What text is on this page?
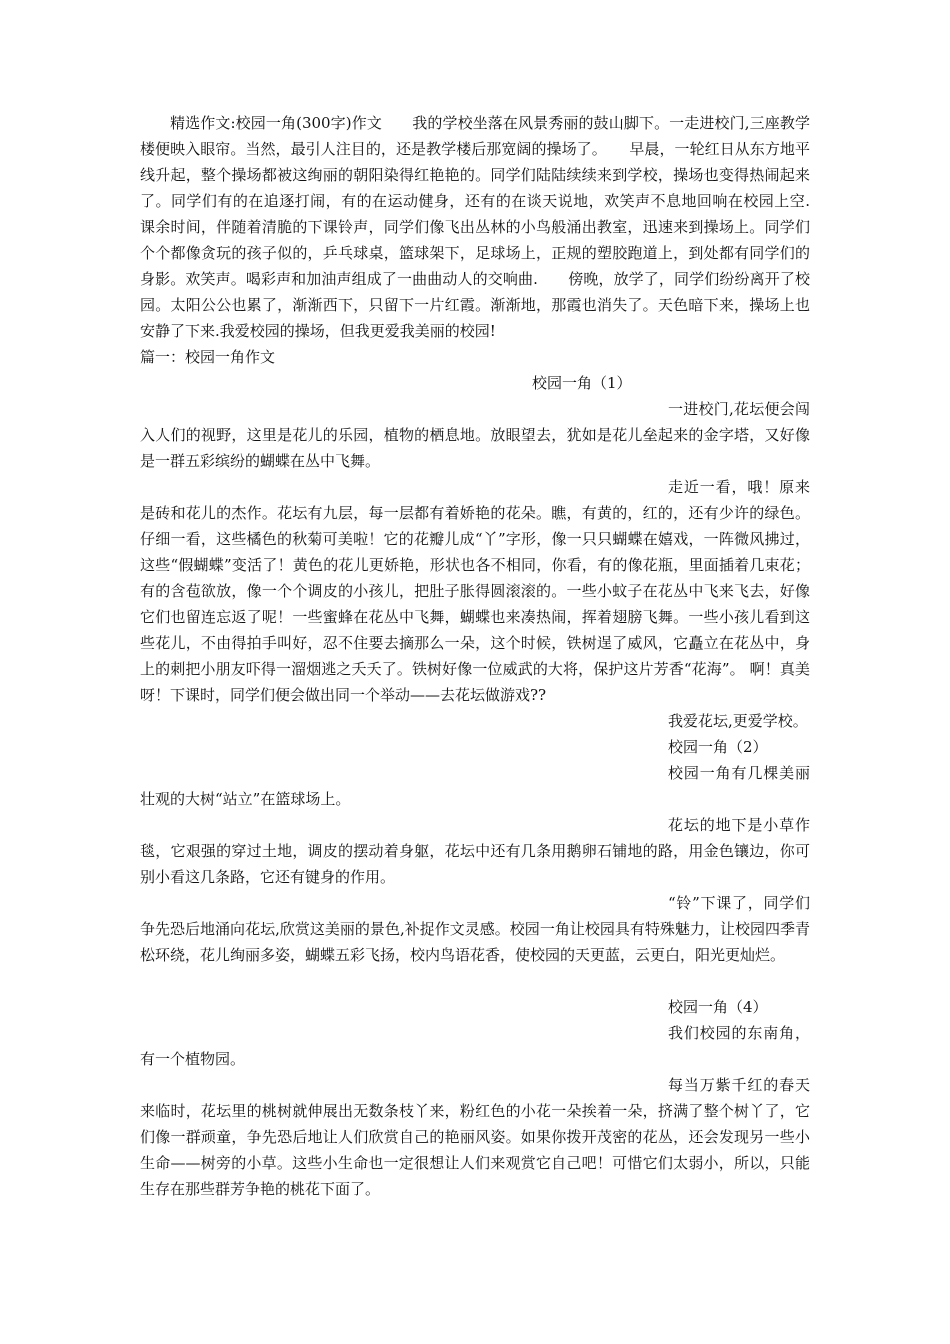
精选作文:校园一角(300字)作文　　我的学校坐落在风景秀丽的鼓山脚下。一走进校门,三座教学楼便映入眼帘。当然，最引人注目的，还是教学楼后那宽阔的操场了。　　早晨，一轮红日从东方地平线升起，整个操场都被这绚丽的朝阳染得红艳艳的。同学们陆陆续续来到学校，操场也变得热闹起来了。同学们有的在追逐打闹，有的在运动健身，还有的在谈天说地，欢笑声不息地回响在校园上空.　　课余时间，伴随着清脆的下课铃声，同学们像飞出丛林的小鸟般涌出教室，迅速来到操场上。同学们个个都像贪玩的孩子似的，乒乓球桌，篮球架下，足球场上，正规的塑胶跑道上，到处都有同学们的身影。欢笑声。喝彩声和加油声组成了一曲曲动人的交响曲.　　傍晚，放学了，同学们纷纷离开了校园。太阳公公也累了，渐渐西下，只留下一片红霞。渐渐地，那霞也消失了。天色暗下来，操场上也安静了下来.我爱校园的操场，但我更爱我美丽的校园!

篇一：校园一角作文

校园一角（1）

一进校门,花坛便会闯入人们的视野，这里是花儿的乐园，植物的栖息地。放眼望去，犹如是花儿垒起来的金字塔，又好像是一群五彩缤纷的蝴蝶在丛中飞舞。

走近一看，哦！原来是砖和花儿的杰作。花坛有九层，每一层都有着娇艳的花朵。瞧，有黄的，红的，还有少许的绿色。仔细一看，这些橘色的秋菊可美啦！它的花瓣儿成“丫”字形，像一只只蝴蝶在嬉戏，一阵微风拂过，这些“假蝴蝶”变活了！黄色的花儿更娇艳，形状也各不相同，你看，有的像花瓶，里面插着几束花；有的含苞欲放，像一个个调皮的小孩儿，把肚子胀得圆滚滚的。一些小蚊子在花丛中飞来飞去，好像它们也留连忘返了呢！一些蜜蜂在花丛中飞舞，蝴蝶也来凑热闹，挥着翅膀飞舞。一些小孩儿看到这些花儿，不由得拍手叫好，忍不住要去摘那么一朵，这个时候，铁树逞了威风，它矗立在花丛中，身上的刺把小朋友吓得一溜烟逃之夭夭了。铁树好像一位威武的大将，保护这片芳香“花海”。 啊！真美呀！下课时，同学们便会做出同一个举动——去花坛做游戏??

我爱花坛,更爱学校。

校园一角（2）

校园一角有几棵美丽壮观的大树“站立”在篮球场上。

花坛的地下是小草作毯，它艰强的穿过土地，调皮的摆动着身躯，花坛中还有几条用鹅卵石铺地的路，用金色镶边，你可别小看这几条路，它还有键身的作用。

“铃”下课了，同学们争先恐后地涌向花坛,欣赏这美丽的景色,补捉作文灵感。校园一角让校园具有特殊魅力，让校园四季青松环绕，花儿绚丽多姿，蝴蝶五彩飞扬，校内鸟语花香，使校园的天更蓝，云更白，阳光更灿烂。

校园一角（4）

我们校园的东南角，有一个植物园。

每当万紫千红的春天来临时，花坛里的桃树就伸展出无数条枝丫来，粉红色的小花一朵挨着一朵，挤满了整个树丫了，它们像一群顽童，争先恐后地让人们欣赏自己的艳丽风姿。如果你拨开茂密的花丛，还会发现另一些小生命——树旁的小草。这些小生命也一定很想让人们来观赏它自己吧！可惜它们太弱小，所以，只能生存在那些群芳争艳的桃花下面了。
